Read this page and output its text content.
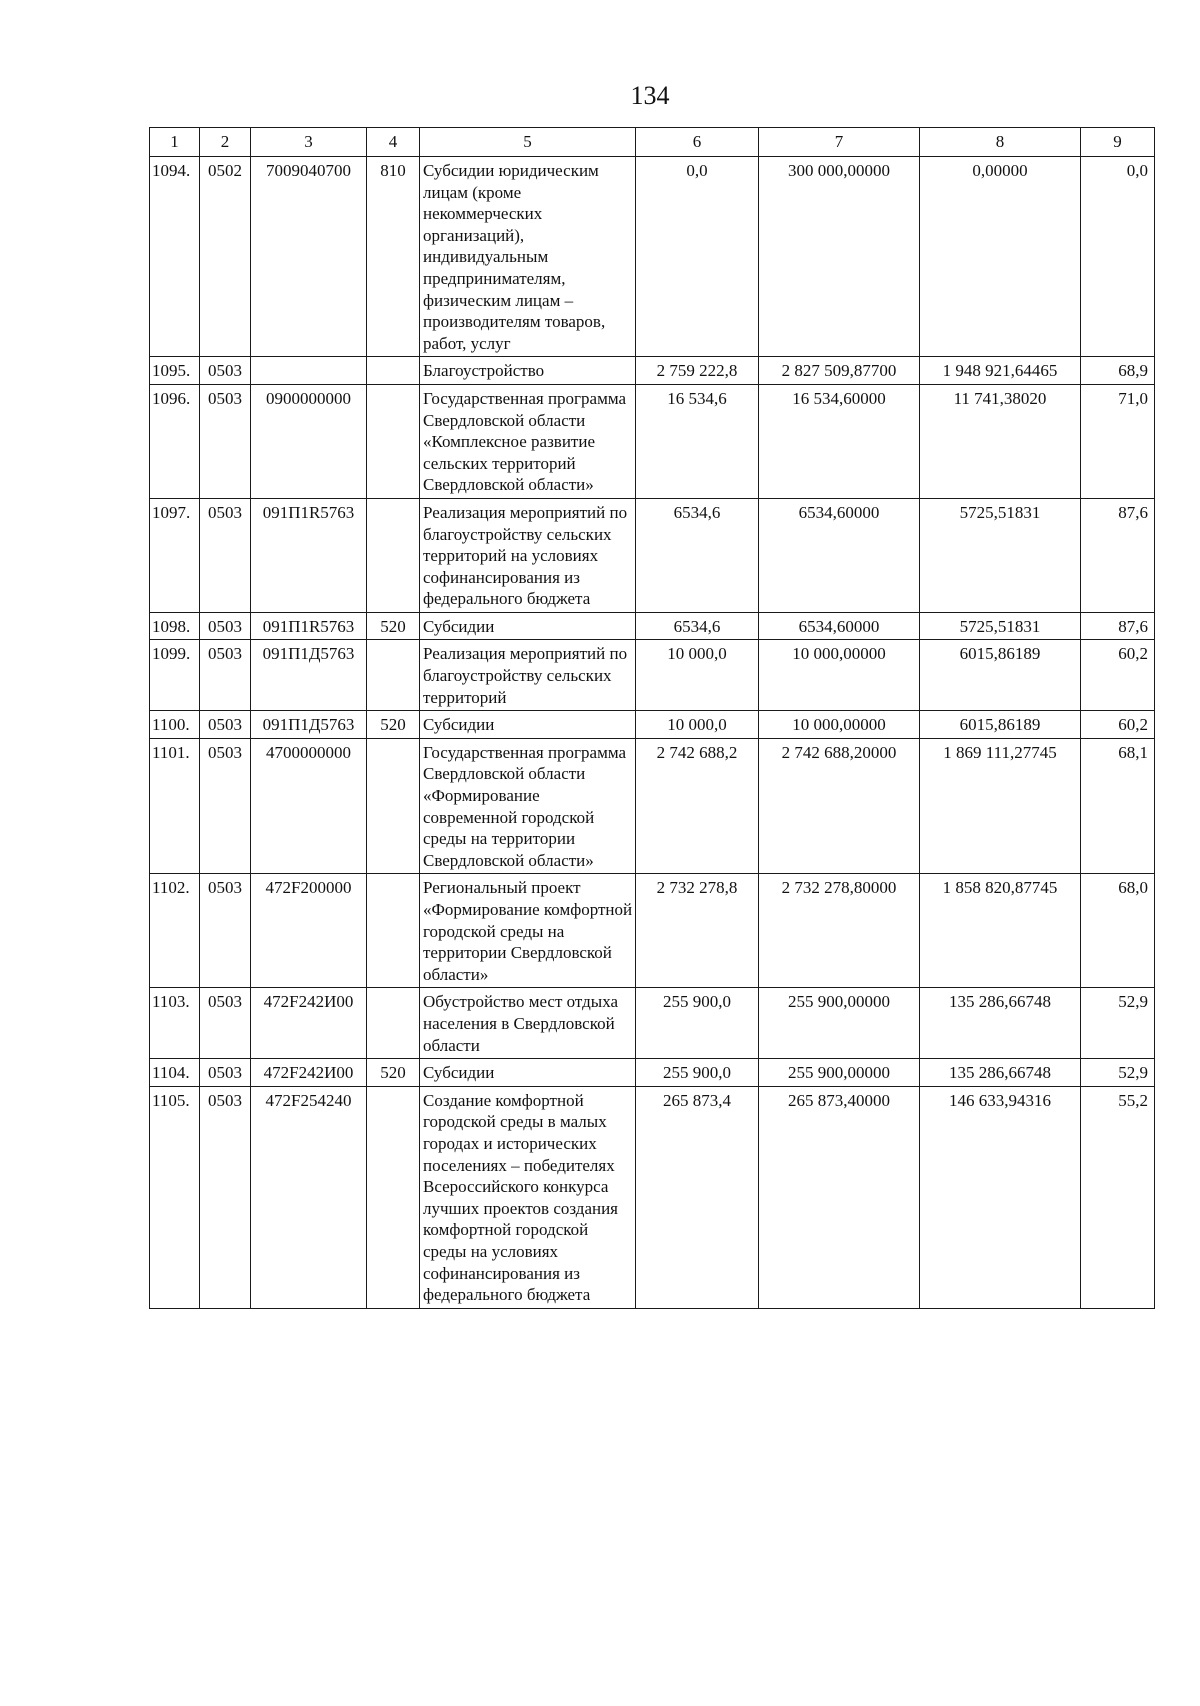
134
1	2	3	4	5	6	7	8	9
1094.	0502	7009040700	810	Субсидии юридическим лицам (кроме некоммерческих организаций), индивидуальным предпринимателям, физическим лицам – производителям товаров, работ, услуг	0,0	300 000,00000	0,00000	0,0
1095.	0503			Благоустройство	2 759 222,8	2 827 509,87700	1 948 921,64465	68,9
1096.	0503	0900000000		Государственная программа Свердловской области «Комплексное развитие сельских территорий Свердловской области»	16 534,6	16 534,60000	11 741,38020	71,0
1097.	0503	091П1R5763		Реализация мероприятий по благоустройству сельских территорий на условиях софинансирования из федерального бюджета	6534,6	6534,60000	5725,51831	87,6
1098.	0503	091П1R5763	520	Субсидии	6534,6	6534,60000	5725,51831	87,6
1099.	0503	091П1Д5763		Реализация мероприятий по благоустройству сельских территорий	10 000,0	10 000,00000	6015,86189	60,2
1100.	0503	091П1Д5763	520	Субсидии	10 000,0	10 000,00000	6015,86189	60,2
1101.	0503	4700000000		Государственная программа Свердловской области «Формирование современной городской среды на территории Свердловской области»	2 742 688,2	2 742 688,20000	1 869 111,27745	68,1
1102.	0503	472F200000		Региональный проект «Формирование комфортной городской среды на территории Свердловской области»	2 732 278,8	2 732 278,80000	1 858 820,87745	68,0
1103.	0503	472F242И00		Обустройство мест отдыха населения в Свердловской области	255 900,0	255 900,00000	135 286,66748	52,9
1104.	0503	472F242И00	520	Субсидии	255 900,0	255 900,00000	135 286,66748	52,9
1105.	0503	472F254240		Создание комфортной городской среды в малых городах и исторических поселениях – победителях Всероссийского конкурса лучших проектов создания комфортной городской среды на условиях софинансирования из федерального бюджета	265 873,4	265 873,40000	146 633,94316	55,2
